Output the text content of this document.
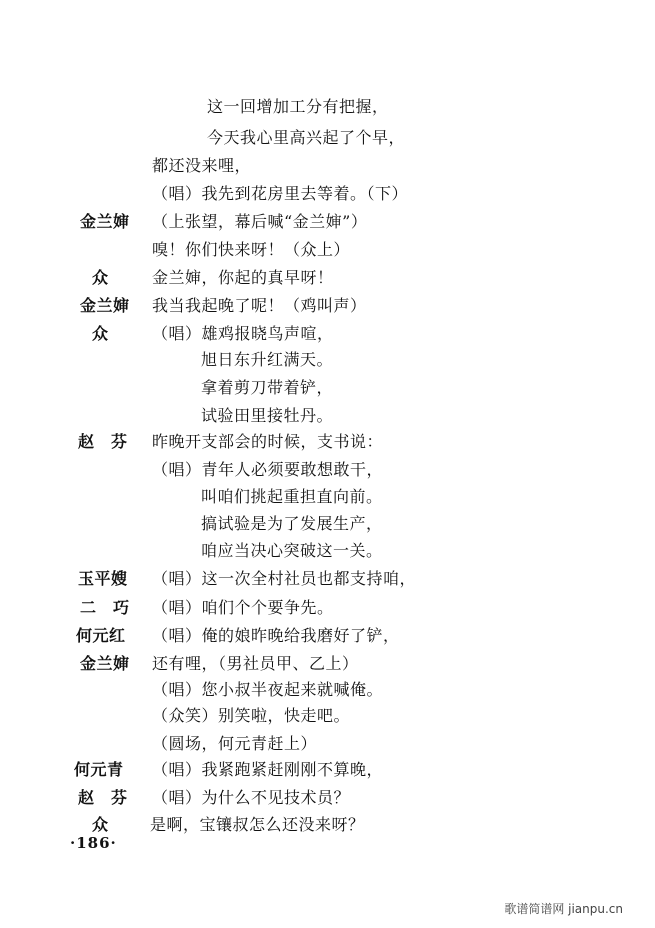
这一回增加工分有把握，
今天我心里高兴起了个早，
都还没来哩，
（唱）我先到花房里去等着。（下）
金兰婶 （上张望，幕后喊“金兰婶”）
嗅！你们快来呀！（众上）
众	金兰婶，你起的真早呀！
金兰婶 我当我起晚了呢！（鸡叫声）
众	（唱）雄鸡报晓鸟声喧，
旭日东升红满天。
拿着剪刀带着铲，
试验田里接牡丹。
赵　芬 昨晚开支部会的时候，支书说：
（唱）青年人必须要敢想敢干，
叫咱们挑起重担直向前。
搞试验是为了发展生产，
咱应当决心突破这一关。
玉平嫂 （唱）这一次全村社员也都支持咱，
二　巧 （唱）咱们个个要争先。
何元红 （唱）俺的娘昨晚给我磨好了铲，
金兰婶 还有哩，（男社员甲、乙上）
（唱）您小叔半夜起来就喊俺。
（众笑）别笑啦，快走吧。
（圆场，何元青赶上）
何元青 （唱）我紧跑紧赶刚刚不算晚，
赵　芬 （唱）为什么不见技术员？
众	是啊，宝镶叔怎么还没来呀？
·186·
歌谱简谱网 jianpu.cn
